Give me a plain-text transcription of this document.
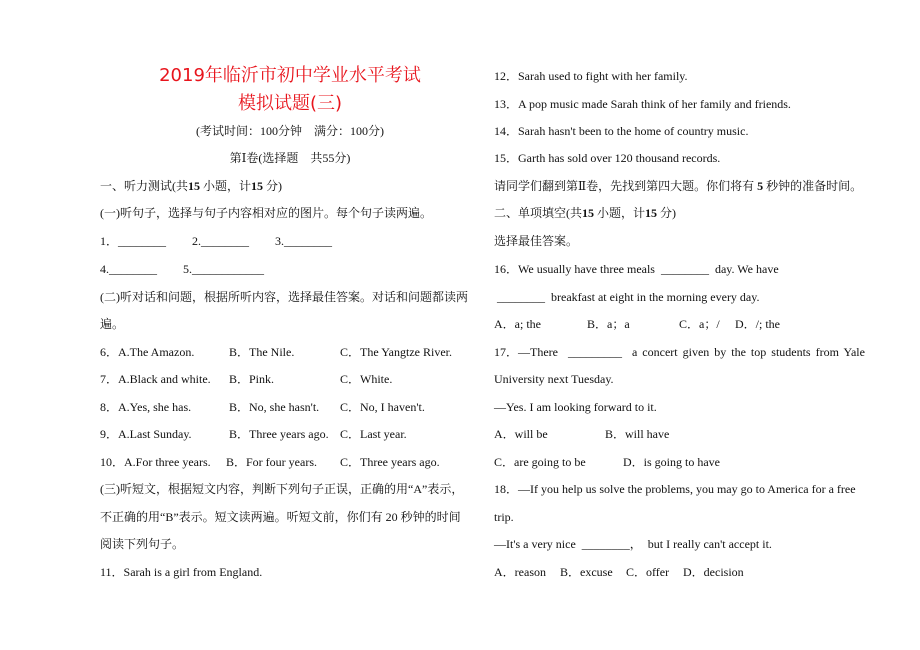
2019年临沂市初中学业水平考试
模拟试题(三)
(考试时间：100分钟    满分：100分)
第Ⅰ卷(选择题    共55分)
一、听力测试(共15 小题，计15 分)
(一)听句子，选择与句子内容相对应的图片。每个句子读两遍。
1．________ 2.________ 3.________
4.________ 5.____________
(二)听对话和问题，根据所听内容，选择最佳答案。对话和问题都读两
遍。
6．A.The Amazon.	B．The Nile.	C．The Yangtze River.
7．A.Black and white. B．Pink.	C．White.
8．A.Yes, she has.	B．No, she hasn't. C．No, I haven't.
9．A.Last Sunday.	B．Three years ago. C．Last year.
10．A.For three years. B．For four years. C．Three years ago.
(三)听短文，根据短文内容，判断下列句子正误，正确的用“A”表示，
不正确的用“B”表示。短文读两遍。听短文前，你们有 20 秒钟的时间
阅读下列句子。
11．Sarah is a girl from England.
12．Sarah used to fight with her family.
13．A pop music made Sarah think of her family and friends.
14．Sarah hasn't been to the home of country music.
15．Garth has sold over 120 thousand records.
请同学们翻到第Ⅱ卷，先找到第四大题。你们将有 5 秒钟的准备时间。
二、单项填空(共15 小题，计15 分)
选择最佳答案。
16．We usually have three meals  ________  day. We have
________  breakfast at eight in the morning every day.
A．a; the	B．a；a	C．a；/ D．/; the
17．—There  _________  a concert given by the top students from Yale
University next Tuesday.
—Yes. I am looking forward to it.
A．will be	B．will have
C．are going to be	D．is going to have
18．—If you help us solve the problems, you may go to America for a free
trip.
—It's a very nice  ________，  but I really can't accept it.
A．reason B．excuse C．offer D．decision
